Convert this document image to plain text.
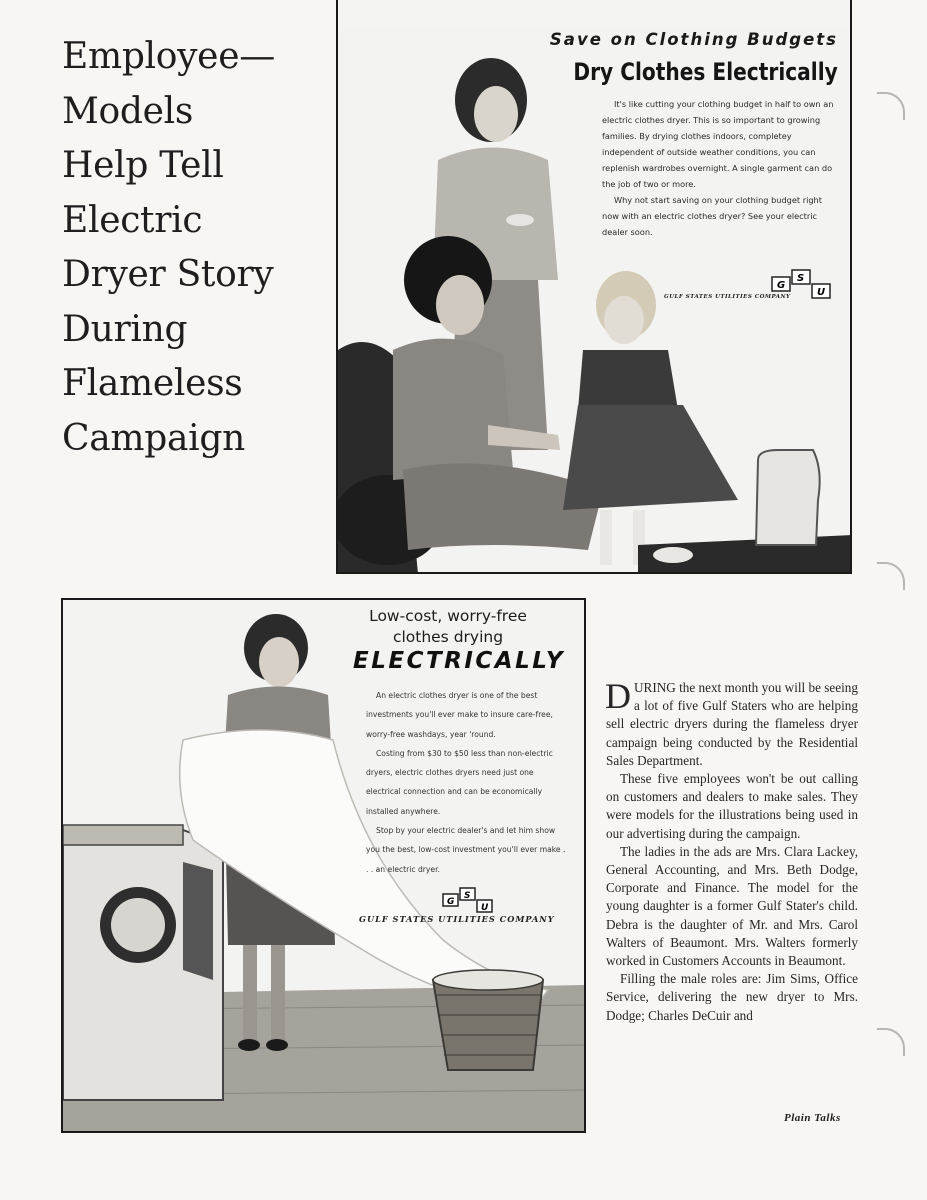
Employee—
Models
Help Tell
Electric
Dryer Story
During
Flameless
Campaign
Save on Clothing Budgets
Dry Clothes Electrically

It's like cutting your clothing budget in half to own an electric clothes dryer. This is so important to growing families. By drying clothes indoors, completey independent of outside weather conditions, you can replenish wardrobes overnight. A single garment can do the job of two or more.

Why not start saving on your clothing budget right now with an electric clothes dryer? See your electric dealer soon.

G
S
U
GULF STATES UTILITIES COMPANY
Low-cost, worry-free
clothes drying
ELECTRICALLY

An electric clothes dryer is one of the best investments you'll ever make to insure care-free, worry-free washdays, year 'round.

Costing from $30 to $50 less than non-electric dryers, electric clothes dryers need just one electrical connection and can be economically installed anywhere.

Stop by your electric dealer's and let him show you the best, low-cost investment you'll ever make . . . an electric dryer.

G
S
U
GULF STATES UTILITIES COMPANY

DURING the next month you will be seeing a lot of five Gulf Staters who are helping sell electric dryers during the flameless dryer campaign being conducted by the Residential Sales Department.

These five employees won't be out calling on customers and dealers to make sales. They were models for the illustrations being used in our advertising during the campaign.

The ladies in the ads are Mrs. Clara Lackey, General Accounting, and Mrs. Beth Dodge, Corporate and Finance. The model for the young daughter is a former Gulf Stater's child. Debra is the daughter of Mr. and Mrs. Carol Walters of Beaumont. Mrs. Walters formerly worked in Customers Accounts in Beaumont.

Filling the male roles are: Jim Sims, Office Service, delivering the new dryer to Mrs. Dodge; Charles DeCuir and

Plain Talks
